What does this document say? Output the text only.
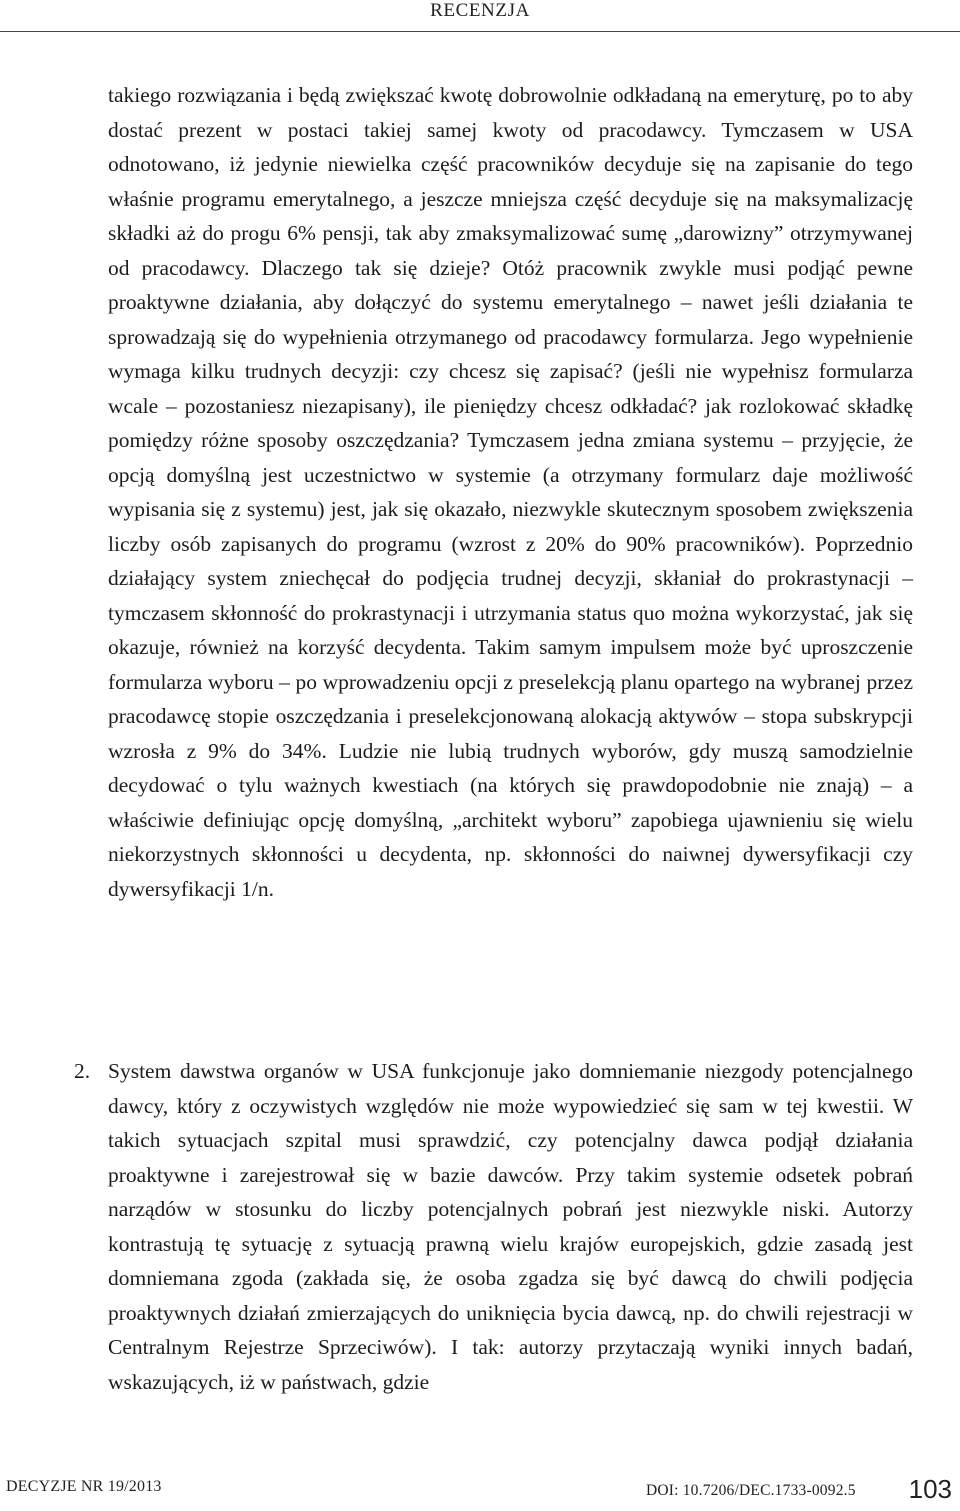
RECENZJA
takiego rozwiązania i będą zwiększać kwotę dobrowolnie odkładaną na emeryturę, po to aby dostać prezent w postaci takiej samej kwoty od pracodawcy. Tymczasem w USA odnotowano, iż jedynie niewielka część pracowników decyduje się na zapisanie do tego właśnie programu emerytalnego, a jeszcze mniejsza część decyduje się na maksymalizację składki aż do progu 6% pensji, tak aby zmaksymalizować sumę „darowizny” otrzymywanej od pracodawcy. Dlaczego tak się dzieje? Otóż pracownik zwykle musi podjąć pewne proaktywne działania, aby dołączyć do systemu emerytalnego – nawet jeśli działania te sprowadzają się do wypełnienia otrzymanego od pracodawcy formularza. Jego wypełnienie wymaga kilku trudnych decyzji: czy chcesz się zapisać? (jeśli nie wypełnisz formularza wcale – pozostaniesz niezapisany), ile pieniędzy chcesz odkładać? jak rozlokować składkę pomiędzy różne sposoby oszczędzania? Tymczasem jedna zmiana systemu – przyjęcie, że opcją domyślną jest uczestnictwo w systemie (a otrzymany formularz daje możliwość wypisania się z systemu) jest, jak się okazało, niezwykle skutecznym sposobem zwiększenia liczby osób zapisanych do programu (wzrost z 20% do 90% pracowników). Poprzednio działający system zniechęcał do podjęcia trudnej decyzji, skłaniał do prokrastynacji – tymczasem skłonność do prokrastynacji i utrzymania status quo można wykorzystać, jak się okazuje, również na korzyść decydenta. Takim samym impulsem może być uproszczenie formularza wyboru – po wprowadzeniu opcji z preselekcją planu opartego na wybranej przez pracodawcę stopie oszczędzania i preselekcjonowaną alokacją aktywów – stopa subskrypcji wzrosła z 9% do 34%. Ludzie nie lubią trudnych wyborów, gdy muszą samodzielnie decydować o tylu ważnych kwestiach (na których się prawdopodobnie nie znają) – a właściwie definiując opcję domyślną, „architekt wyboru” zapobiega ujawnieniu się wielu niekorzystnych skłonności u decydenta, np. skłonności do naiwnej dywersyfikacji czy dywersyfikacji 1/n.
2. System dawstwa organów w USA funkcjonuje jako domniemanie niezgody potencjalnego dawcy, który z oczywistych względów nie może wypowiedzieć się sam w tej kwestii. W takich sytuacjach szpital musi sprawdzić, czy potencjalny dawca podjął działania proaktywne i zarejestrował się w bazie dawców. Przy takim systemie odsetek pobrań narządów w stosunku do liczby potencjalnych pobrań jest niezwykle niski. Autorzy kontrastują tę sytuację z sytuacją prawną wielu krajów europejskich, gdzie zasadą jest domniemana zgoda (zakłada się, że osoba zgadza się być dawcą do chwili podjęcia proaktywnych działań zmierzających do uniknięcia bycia dawcą, np. do chwili rejestracji w Centralnym Rejestrze Sprzeciwów). I tak: autorzy przytaczają wyniki innych badań, wskazujących, iż w państwach, gdzie
DECYZJE NR 19/2013	DOI: 10.7206/DEC.1733-0092.5 103
